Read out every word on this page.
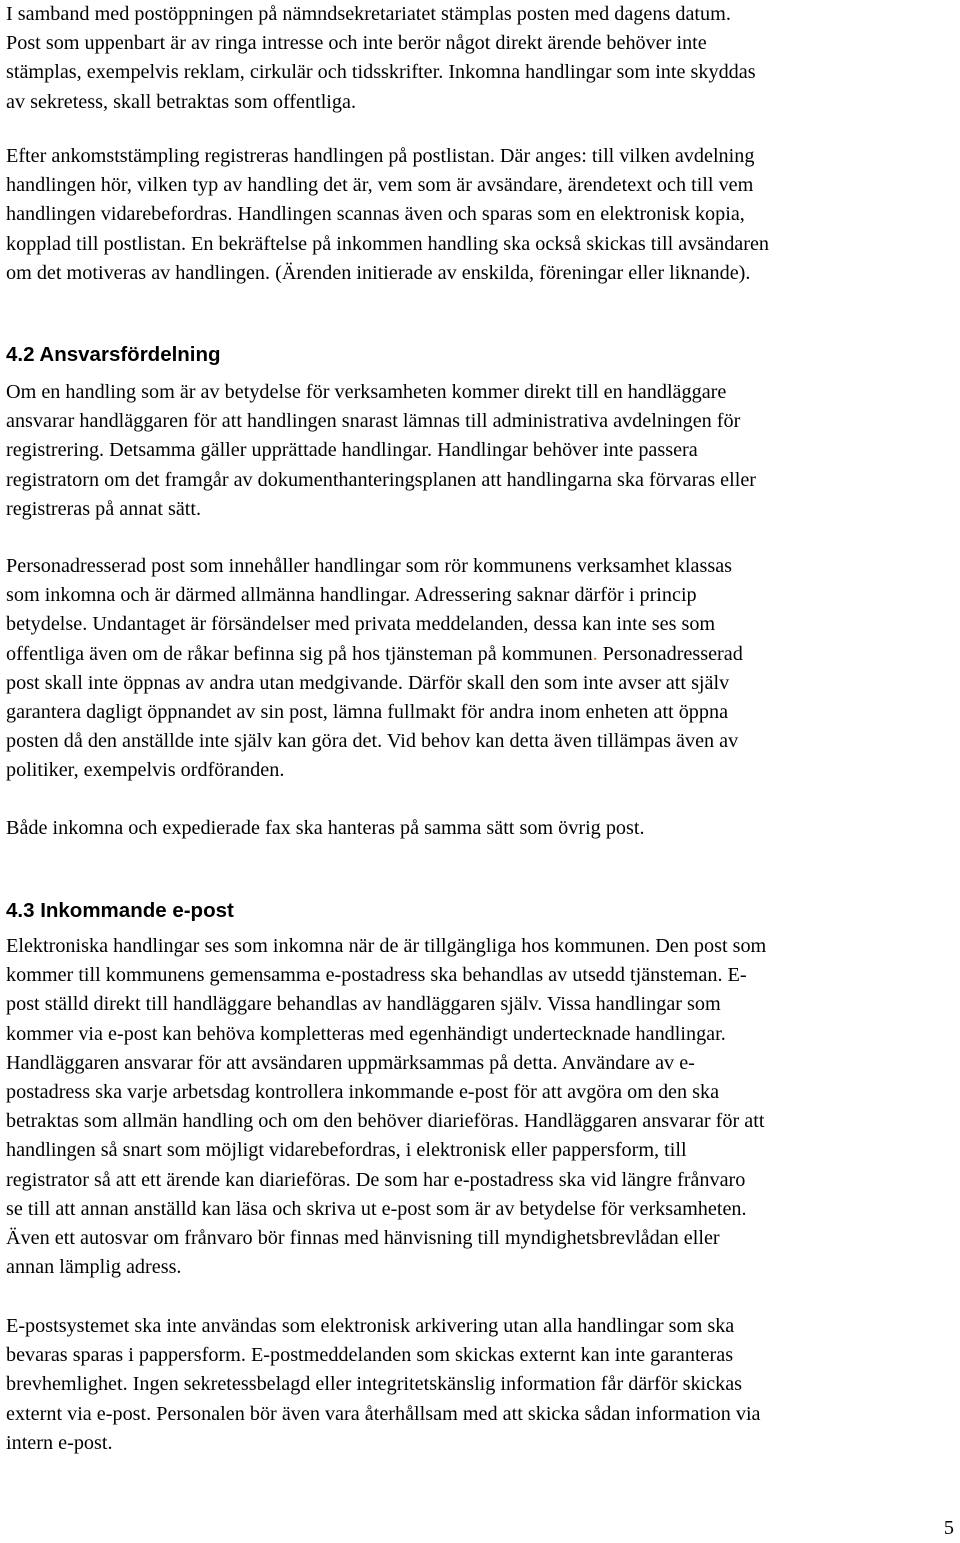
I samband med postöppningen på nämndsekretariatet stämplas posten med dagens datum.
Post som uppenbart är av ringa intresse och inte berör något direkt ärende behöver inte
stämplas, exempelvis reklam, cirkulär och tidsskrifter. Inkomna handlingar som inte skyddas
av sekretess, skall betraktas som offentliga.

Efter ankomststämpling registreras handlingen på postlistan. Där anges: till vilken avdelning
handlingen hör, vilken typ av handling det är, vem som är avsändare, ärendetext och till vem
handlingen vidarebefordras. Handlingen scannas även och sparas som en elektronisk kopia,
kopplad till postlistan. En bekräftelse på inkommen handling ska också skickas till avsändaren
om det motiveras av handlingen. (Ärenden initierade av enskilda, föreningar eller liknande).

4.2 Ansvarsfördelning

Om en handling som är av betydelse för verksamheten kommer direkt till en handläggare
ansvarar handläggaren för att handlingen snarast lämnas till administrativa avdelningen för
registrering. Detsamma gäller upprättade handlingar. Handlingar behöver inte passera
registratorn om det framgår av dokumenthanteringsplanen att handlingarna ska förvaras eller
registreras på annat sätt.

Personadresserad post som innehåller handlingar som rör kommunens verksamhet klassas
som inkomna och är därmed allmänna handlingar. Adressering saknar därför i princip
betydelse. Undantaget är försändelser med privata meddelanden, dessa kan inte ses som
offentliga även om de råkar befinna sig på hos tjänsteman på kommunen. Personadresserad
post skall inte öppnas av andra utan medgivande. Därför skall den som inte avser att själv
garantera dagligt öppnandet av sin post, lämna fullmakt för andra inom enheten att öppna
posten då den anställde inte själv kan göra det. Vid behov kan detta även tillämpas även av
politiker, exempelvis ordföranden.

Både inkomna och expedierade fax ska hanteras på samma sätt som övrig post.

4.3 Inkommande e-post

Elektroniska handlingar ses som inkomna när de är tillgängliga hos kommunen. Den post som
kommer till kommunens gemensamma e-postadress ska behandlas av utsedd tjänsteman. E-
post ställd direkt till handläggare behandlas av handläggaren själv. Vissa handlingar som
kommer via e-post kan behöva kompletteras med egenhändigt undertecknade handlingar.
Handläggaren ansvarar för att avsändaren uppmärksammas på detta. Användare av e-
postadress ska varje arbetsdag kontrollera inkommande e-post för att avgöra om den ska
betraktas som allmän handling och om den behöver diarieföras. Handläggaren ansvarar för att
handlingen så snart som möjligt vidarebefordras, i elektronisk eller pappersform, till
registrator så att ett ärende kan diarieföras. De som har e-postadress ska vid längre frånvaro
se till att annan anställd kan läsa och skriva ut e-post som är av betydelse för verksamheten.
Även ett autosvar om frånvaro bör finnas med hänvisning till myndighetsbrevlådan eller
annan lämplig adress.

E-postsystemet ska inte användas som elektronisk arkivering utan alla handlingar som ska
bevaras sparas i pappersform. E-postmeddelanden som skickas externt kan inte garanteras
brevhemlighet. Ingen sekretessbelagd eller integritetskänslig information får därför skickas
externt via e-post. Personalen bör även vara återhållsam med att skicka sådan information via
intern e-post.

5
